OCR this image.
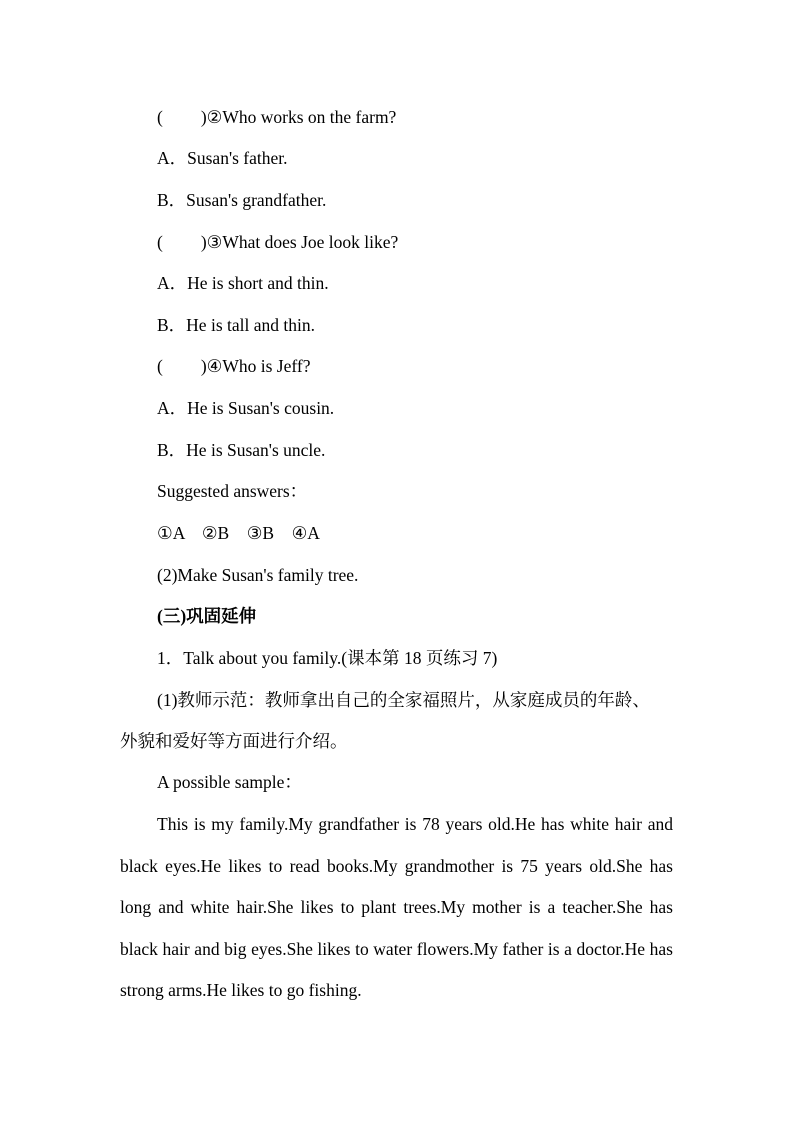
( )②Who works on the farm?
A．Susan's father.
B．Susan's grandfather.
( )③What does Joe look like?
A．He is short and thin.
B．He is tall and thin.
( )④Who is Jeff?
A．He is Susan's cousin.
B．He is Susan's uncle.
Suggested answers：
①A　②B　③B　④A
(2)Make Susan's family tree.
(三)巩固延伸
1．Talk about you family.(课本第 18 页练习 7)
(1)教师示范：教师拿出自己的全家福照片，从家庭成员的年龄、
外貌和爱好等方面进行介绍。
A possible sample：
This is my family.My grandfather is 78 years old.He has white hair and black eyes.He likes to read books.My grandmother is 75 years old.She has long and white hair.She likes to plant trees.My mother is a teacher.She has black hair and big eyes.She likes to water flowers.My father is a doctor.He has strong arms.He likes to go fishing.
